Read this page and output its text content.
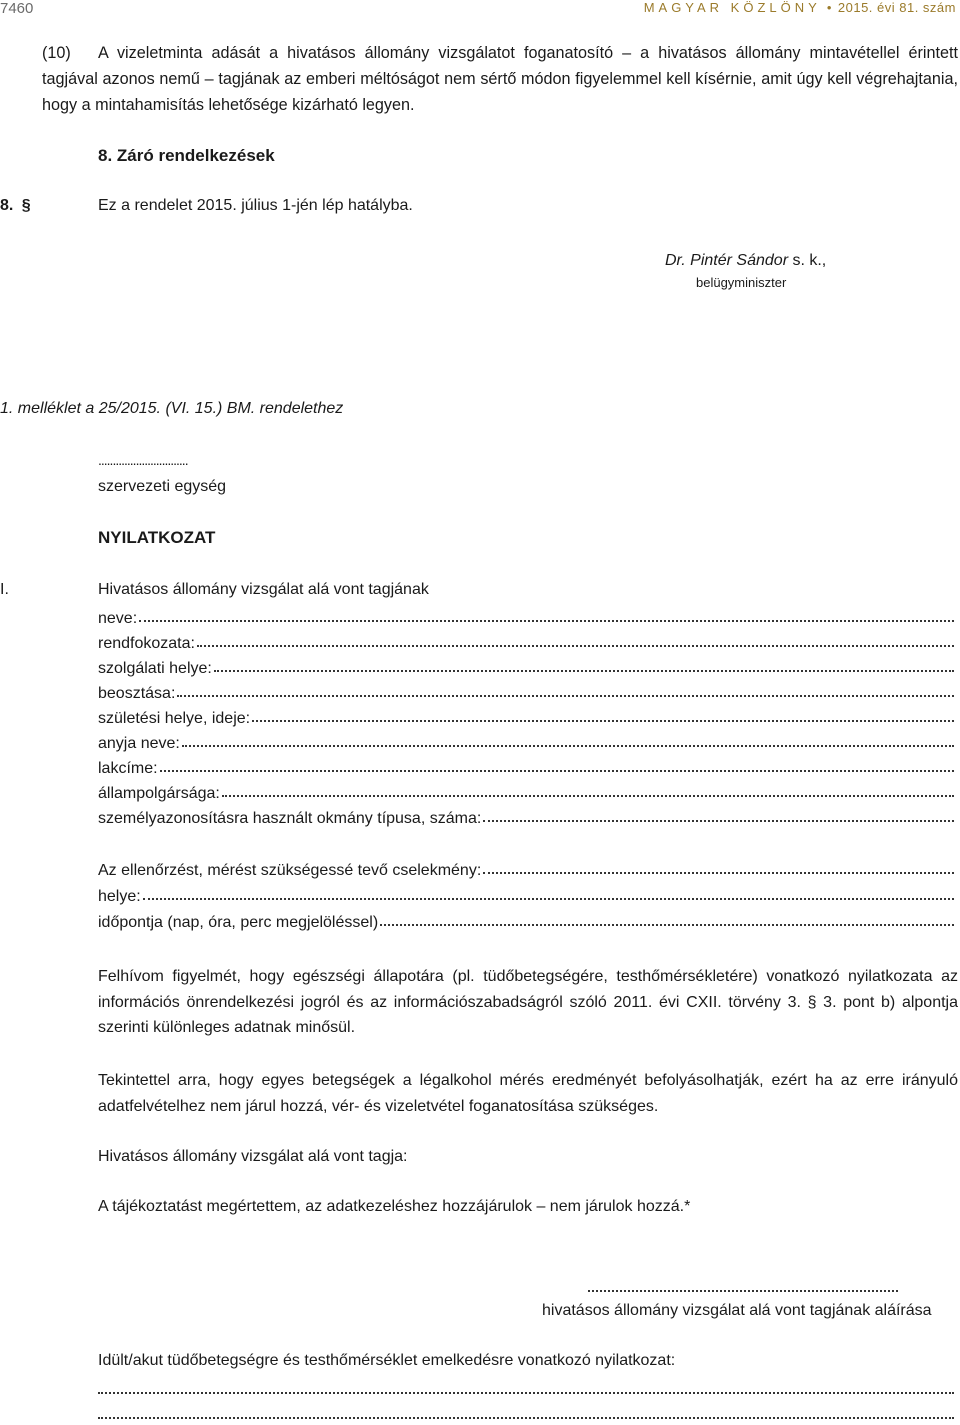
7460	MAGYAR KÖZLÖNY • 2015. évi 81. szám
(10) A vizeletminta adását a hivatásos állomány vizsgálatot foganatosító – a hivatásos állomány mintavétellel érintett tagjával azonos nemű – tagjának az emberi méltóságot nem sértő módon figyelemmel kell kísérnie, amit úgy kell végrehajtania, hogy a mintahamisítás lehetősége kizárható legyen.
8. Záró rendelkezések
8. §	Ez a rendelet 2015. július 1-jén lép hatályba.
Dr. Pintér Sándor s. k.,
belügyminiszter
1. melléklet a 25/2015. (VI. 15.) BM. rendelethez
...............................
szervezeti egység
NYILATKOZAT
I.	Hivatásos állomány vizsgálat alá vont tagjának
neve:
rendfokozata:
szolgálati helye:
beosztása:
születési helye, ideje:
anyja neve:
lakcíme:
állampolgársága:
személyazonosításra használt okmány típusa, száma:
Az ellenőrzést, mérést szükségessé tevő cselekmény:
helye:
időpontja (nap, óra, perc megjelöléssel)
Felhívom figyelmét, hogy egészségi állapotára (pl. tüdőbetegségére, testhőmérsékletére) vonatkozó nyilatkozata az információs önrendelkezési jogról és az információszabadságról szóló 2011. évi CXII. törvény 3. § 3. pont b) alpontja szerinti különleges adatnak minősül.
Tekintettel arra, hogy egyes betegségek a légalkohol mérés eredményét befolyásolhatják, ezért ha az erre irányuló adatfelvételhez nem járul hozzá, vér- és vizeletvétel foganatosítása szükséges.
Hivatásos állomány vizsgálat alá vont tagja:
A tájékoztatást megértettem, az adatkezeléshez hozzájárulok – nem járulok hozzá.*
hivatásos állomány vizsgálat alá vont tagjának aláírása
Idült/akut tüdőbetegségre és testhőmérséklet emelkedésre vonatkozó nyilatkozat:
